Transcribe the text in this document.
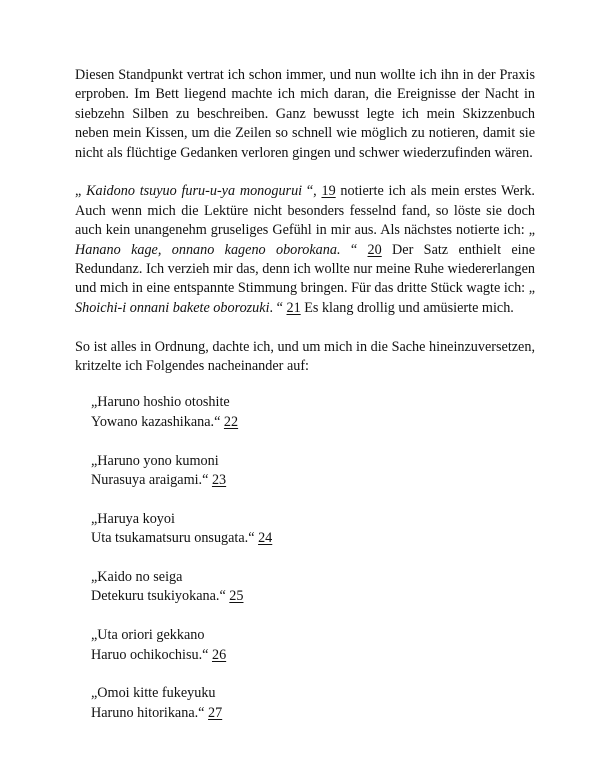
Diesen Standpunkt vertrat ich schon immer, und nun wollte ich ihn in der Praxis erproben. Im Bett liegend machte ich mich daran, die Ereignisse der Nacht in siebzehn Silben zu beschreiben. Ganz bewusst legte ich mein Skizzenbuch neben mein Kissen, um die Zeilen so schnell wie möglich zu notieren, damit sie nicht als flüchtige Gedanken verloren gingen und schwer wiederzufinden wären.

„ Kaidono tsuyuo furu-u-ya monogurui “, 19 notierte ich als mein erstes Werk. Auch wenn mich die Lektüre nicht besonders fesselnd fand, so löste sie doch auch kein unangenehm gruseliges Gefühl in mir aus. Als nächstes notierte ich: „ Hanano kage, onnano kageno oborokana. “ 20 Der Satz enthielt eine Redundanz. Ich verzieh mir das, denn ich wollte nur meine Ruhe wiedererlangen und mich in eine entspannte Stimmung bringen. Für das dritte Stück wagte ich: „ Shoichi-i onnani bakete oborozuki. “ 21 Es klang drollig und amüsierte mich.

So ist alles in Ordnung, dachte ich, und um mich in die Sache hineinzuversetzen, kritzelte ich Folgendes nacheinander auf:

„Haruno hoshio otoshite
Yowano kazashikana.“ 22
„Haruno yono kumoni
Nurasuya araigami.“ 23
„Haruya koyoi
Uta tsukamatsuru onsugata.“ 24
„Kaido no seiga
Detekuru tsukiyokana.“ 25
„Uta oriori gekkano
Haruo ochikochisu.“ 26
„Omoi kitte fukeyuku
Haruno hitorikana.“ 27
